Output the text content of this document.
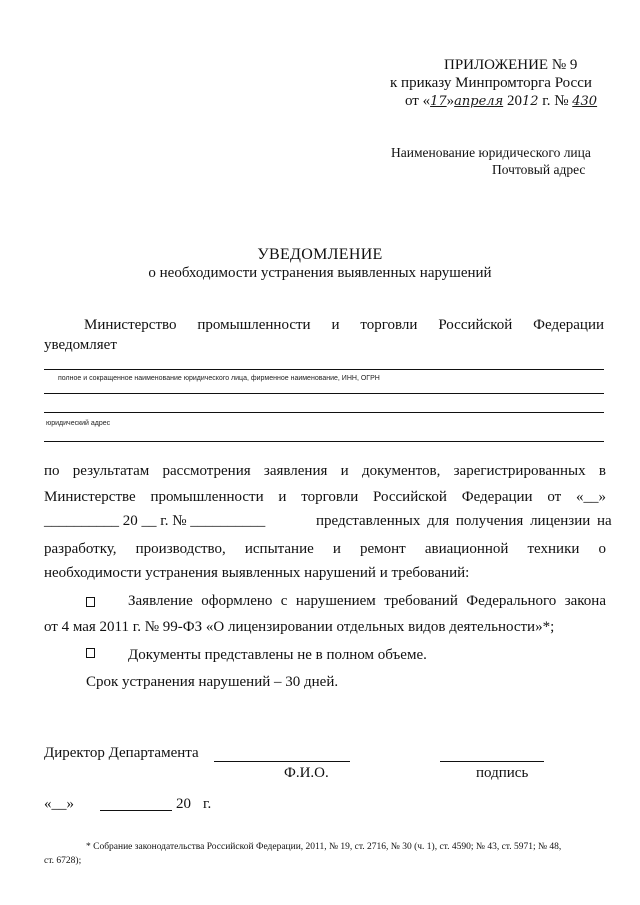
ПРИЛОЖЕНИЕ № 9
к приказу Минпромторга Росси
от «17»апреля 2012 г. № 430
Наименование юридического лица
Почтовый адрес
УВЕДОМЛЕНИЕ
о необходимости устранения выявленных нарушений
Министерство промышленности и торговли Российской Федерации
уведомляет
полное и сокращенное наименование юридического лица, фирменное наименование, ИНН, ОГРН
юридический адрес
по результатам рассмотрения заявления и документов, зарегистрированных в
Министерстве промышленности и торговли Российской Федерации от «__»
__________ 20 __ г. № __________	представленных для получения лицензии на
разработку, производство, испытание и ремонт авиационной техники о
необходимости устранения выявленных нарушений и требований:
Заявление оформлено с нарушением требований Федерального закона
от 4 мая 2011 г. № 99-ФЗ «О лицензировании отдельных видов деятельности»*;
Документы представлены не в полном объеме.
Срок устранения нарушений – 30 дней.
Директор Департамента
Ф.И.О.	подпись
«__»	20 г.
* Собрание законодательства Российской Федерации, 2011, № 19, ст. 2716, № 30 (ч. 1), ст. 4590; № 43, ст. 5971; № 48,
ст. 6728);
